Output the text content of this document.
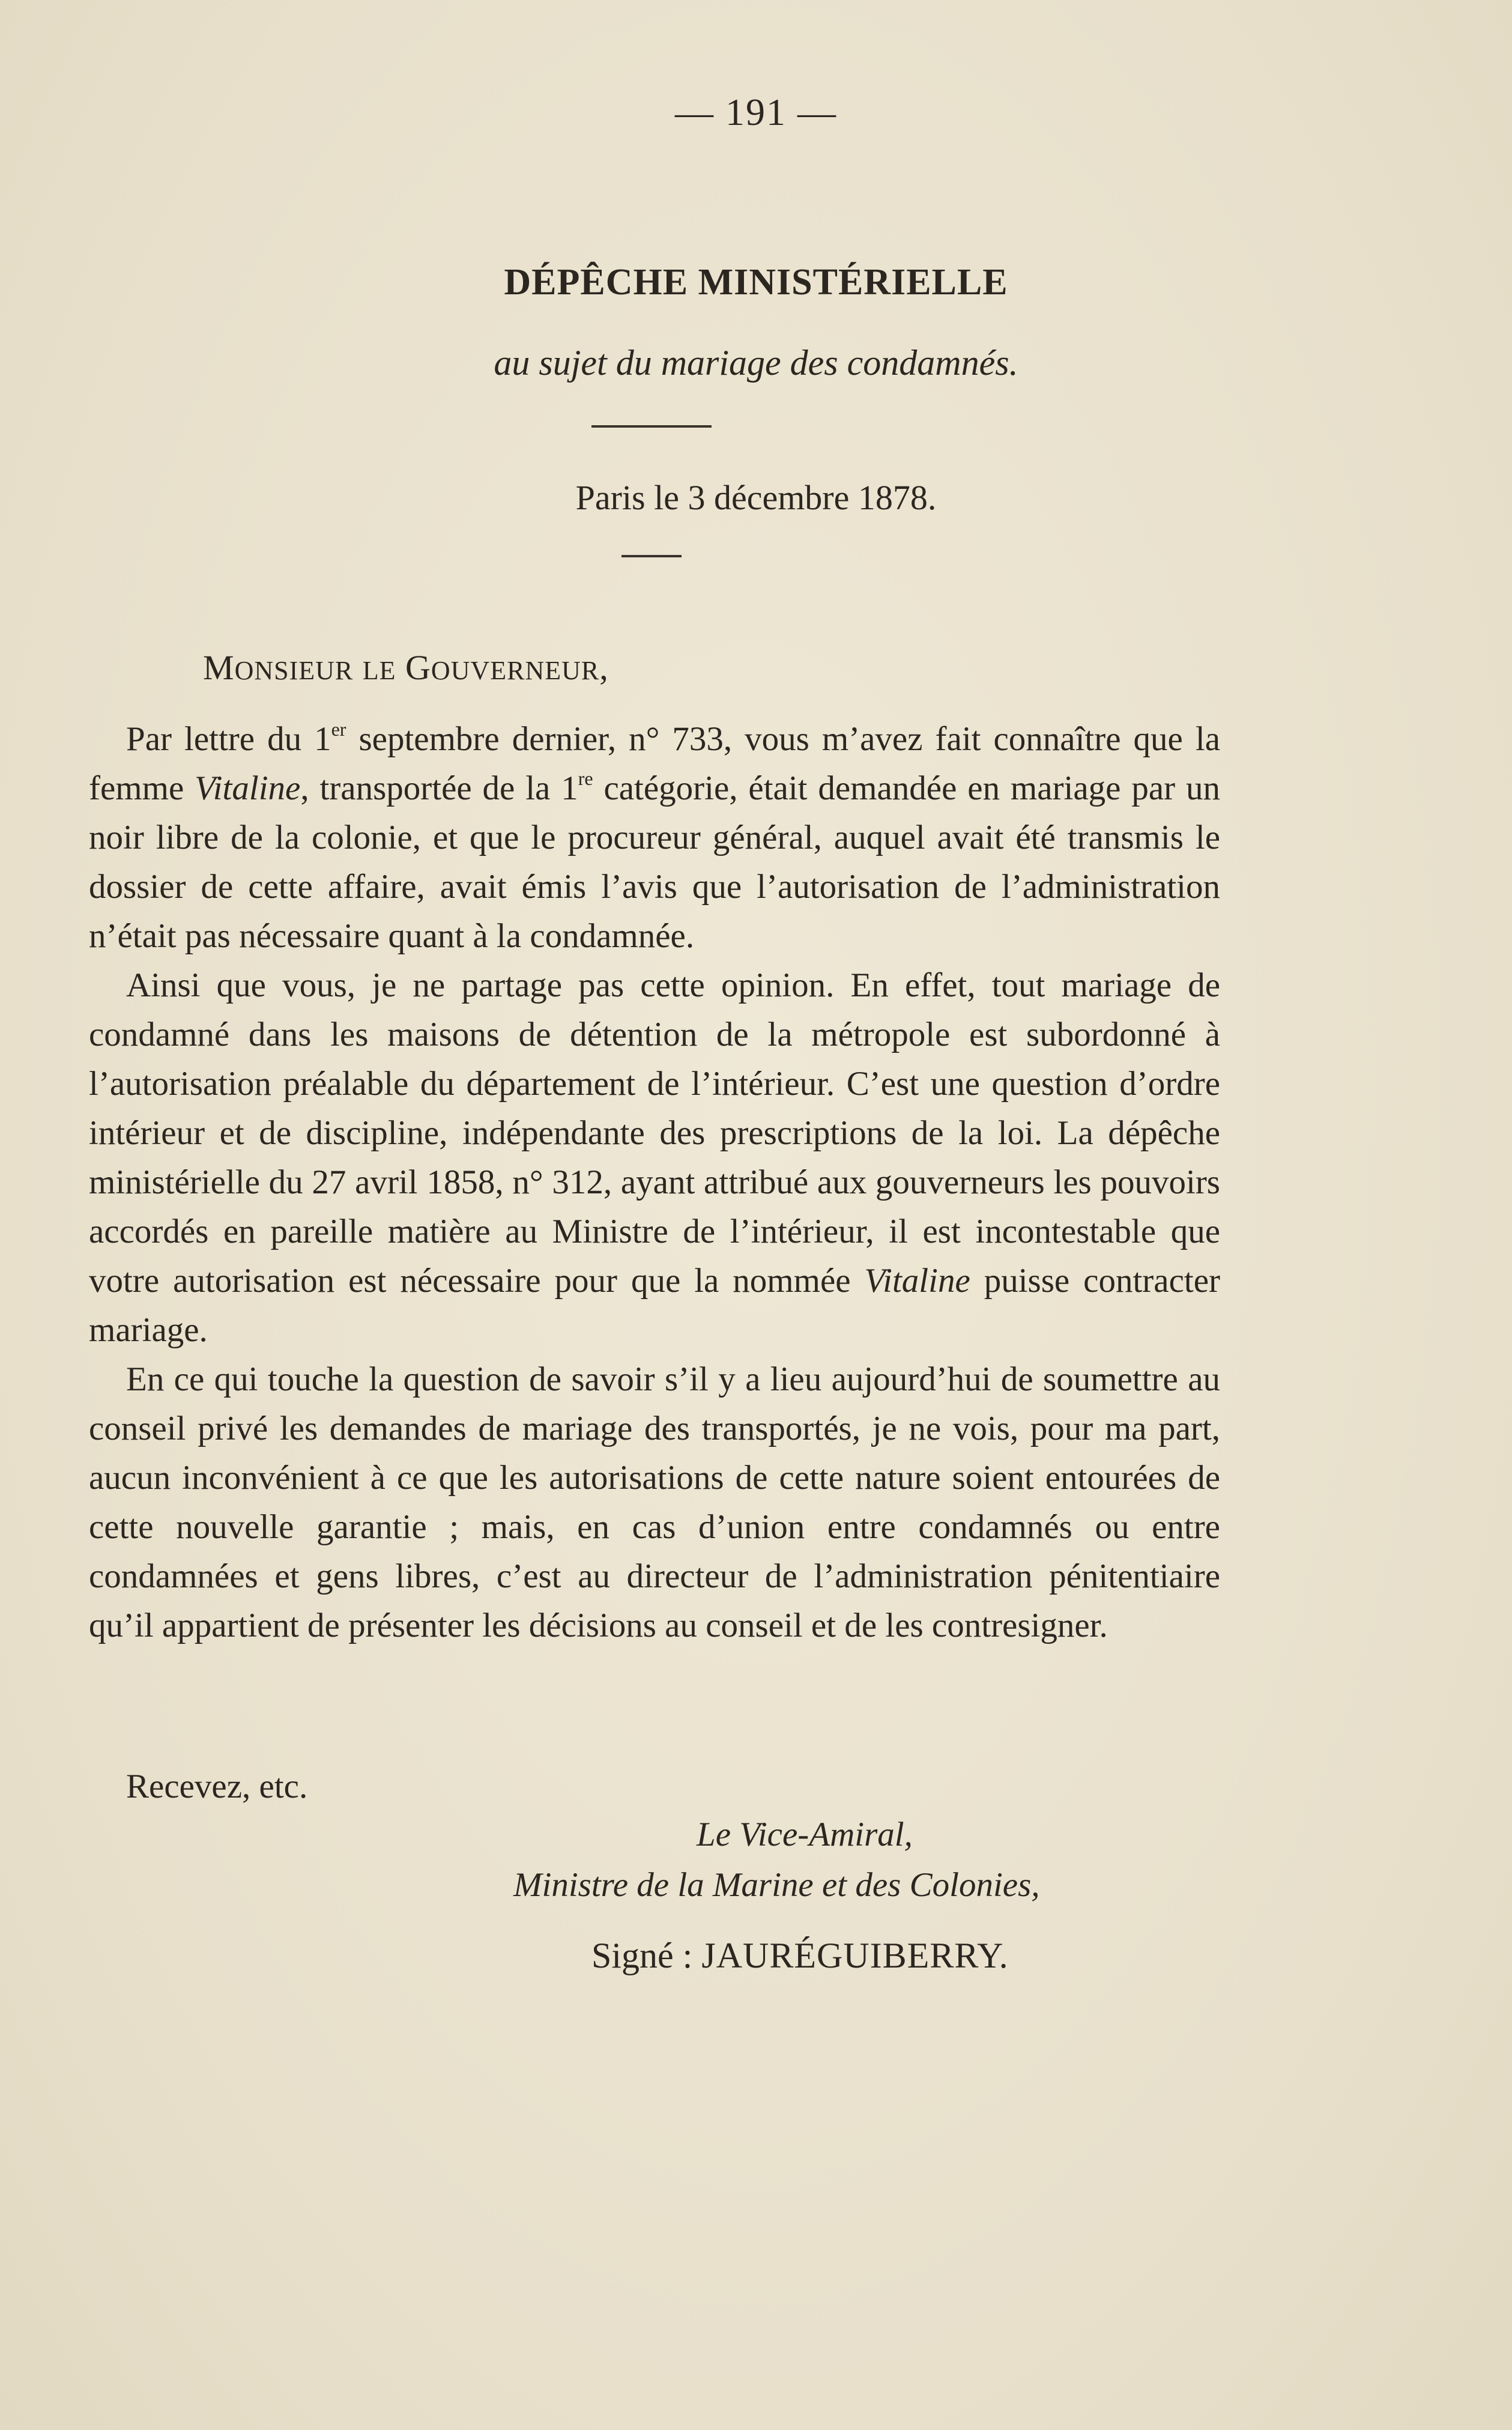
— 191 —
DÉPÊCHE MINISTÉRIELLE
au sujet du mariage des condamnés.
Paris le 3 décembre 1878.
MONSIEUR LE GOUVERNEUR,

Par lettre du 1er septembre dernier, n° 733, vous m’avez fait connaître que la femme Vitaline, transportée de la 1re catégorie, était demandée en mariage par un noir libre de la colonie, et que le procureur général, auquel avait été transmis le dossier de cette affaire, avait émis l’avis que l’autorisation de l’administration n’était pas nécessaire quant à la condamnée.

Ainsi que vous, je ne partage pas cette opinion. En effet, tout mariage de condamné dans les maisons de détention de la métropole est subordonné à l’autorisation préalable du département de l’intérieur. C’est une question d’ordre intérieur et de discipline, indépendante des prescriptions de la loi. La dépêche ministérielle du 27 avril 1858, n° 312, ayant attribué aux gouverneurs les pouvoirs accordés en pareille matière au Ministre de l’intérieur, il est incontestable que votre autorisation est nécessaire pour que la nommée Vitaline puisse contracter mariage.

En ce qui touche la question de savoir s’il y a lieu aujourd’hui de soumettre au conseil privé les demandes de mariage des transportés, je ne vois, pour ma part, aucun inconvénient à ce que les autorisations de cette nature soient entourées de cette nouvelle garantie ; mais, en cas d’union entre condamnés ou entre condamnées et gens libres, c’est au directeur de l’administration pénitentiaire qu’il appartient de présenter les décisions au conseil et de les contresigner.

Recevez, etc.
Le Vice-Amiral,
Ministre de la Marine et des Colonies,
Signé : JAURÉGUIBERRY.
